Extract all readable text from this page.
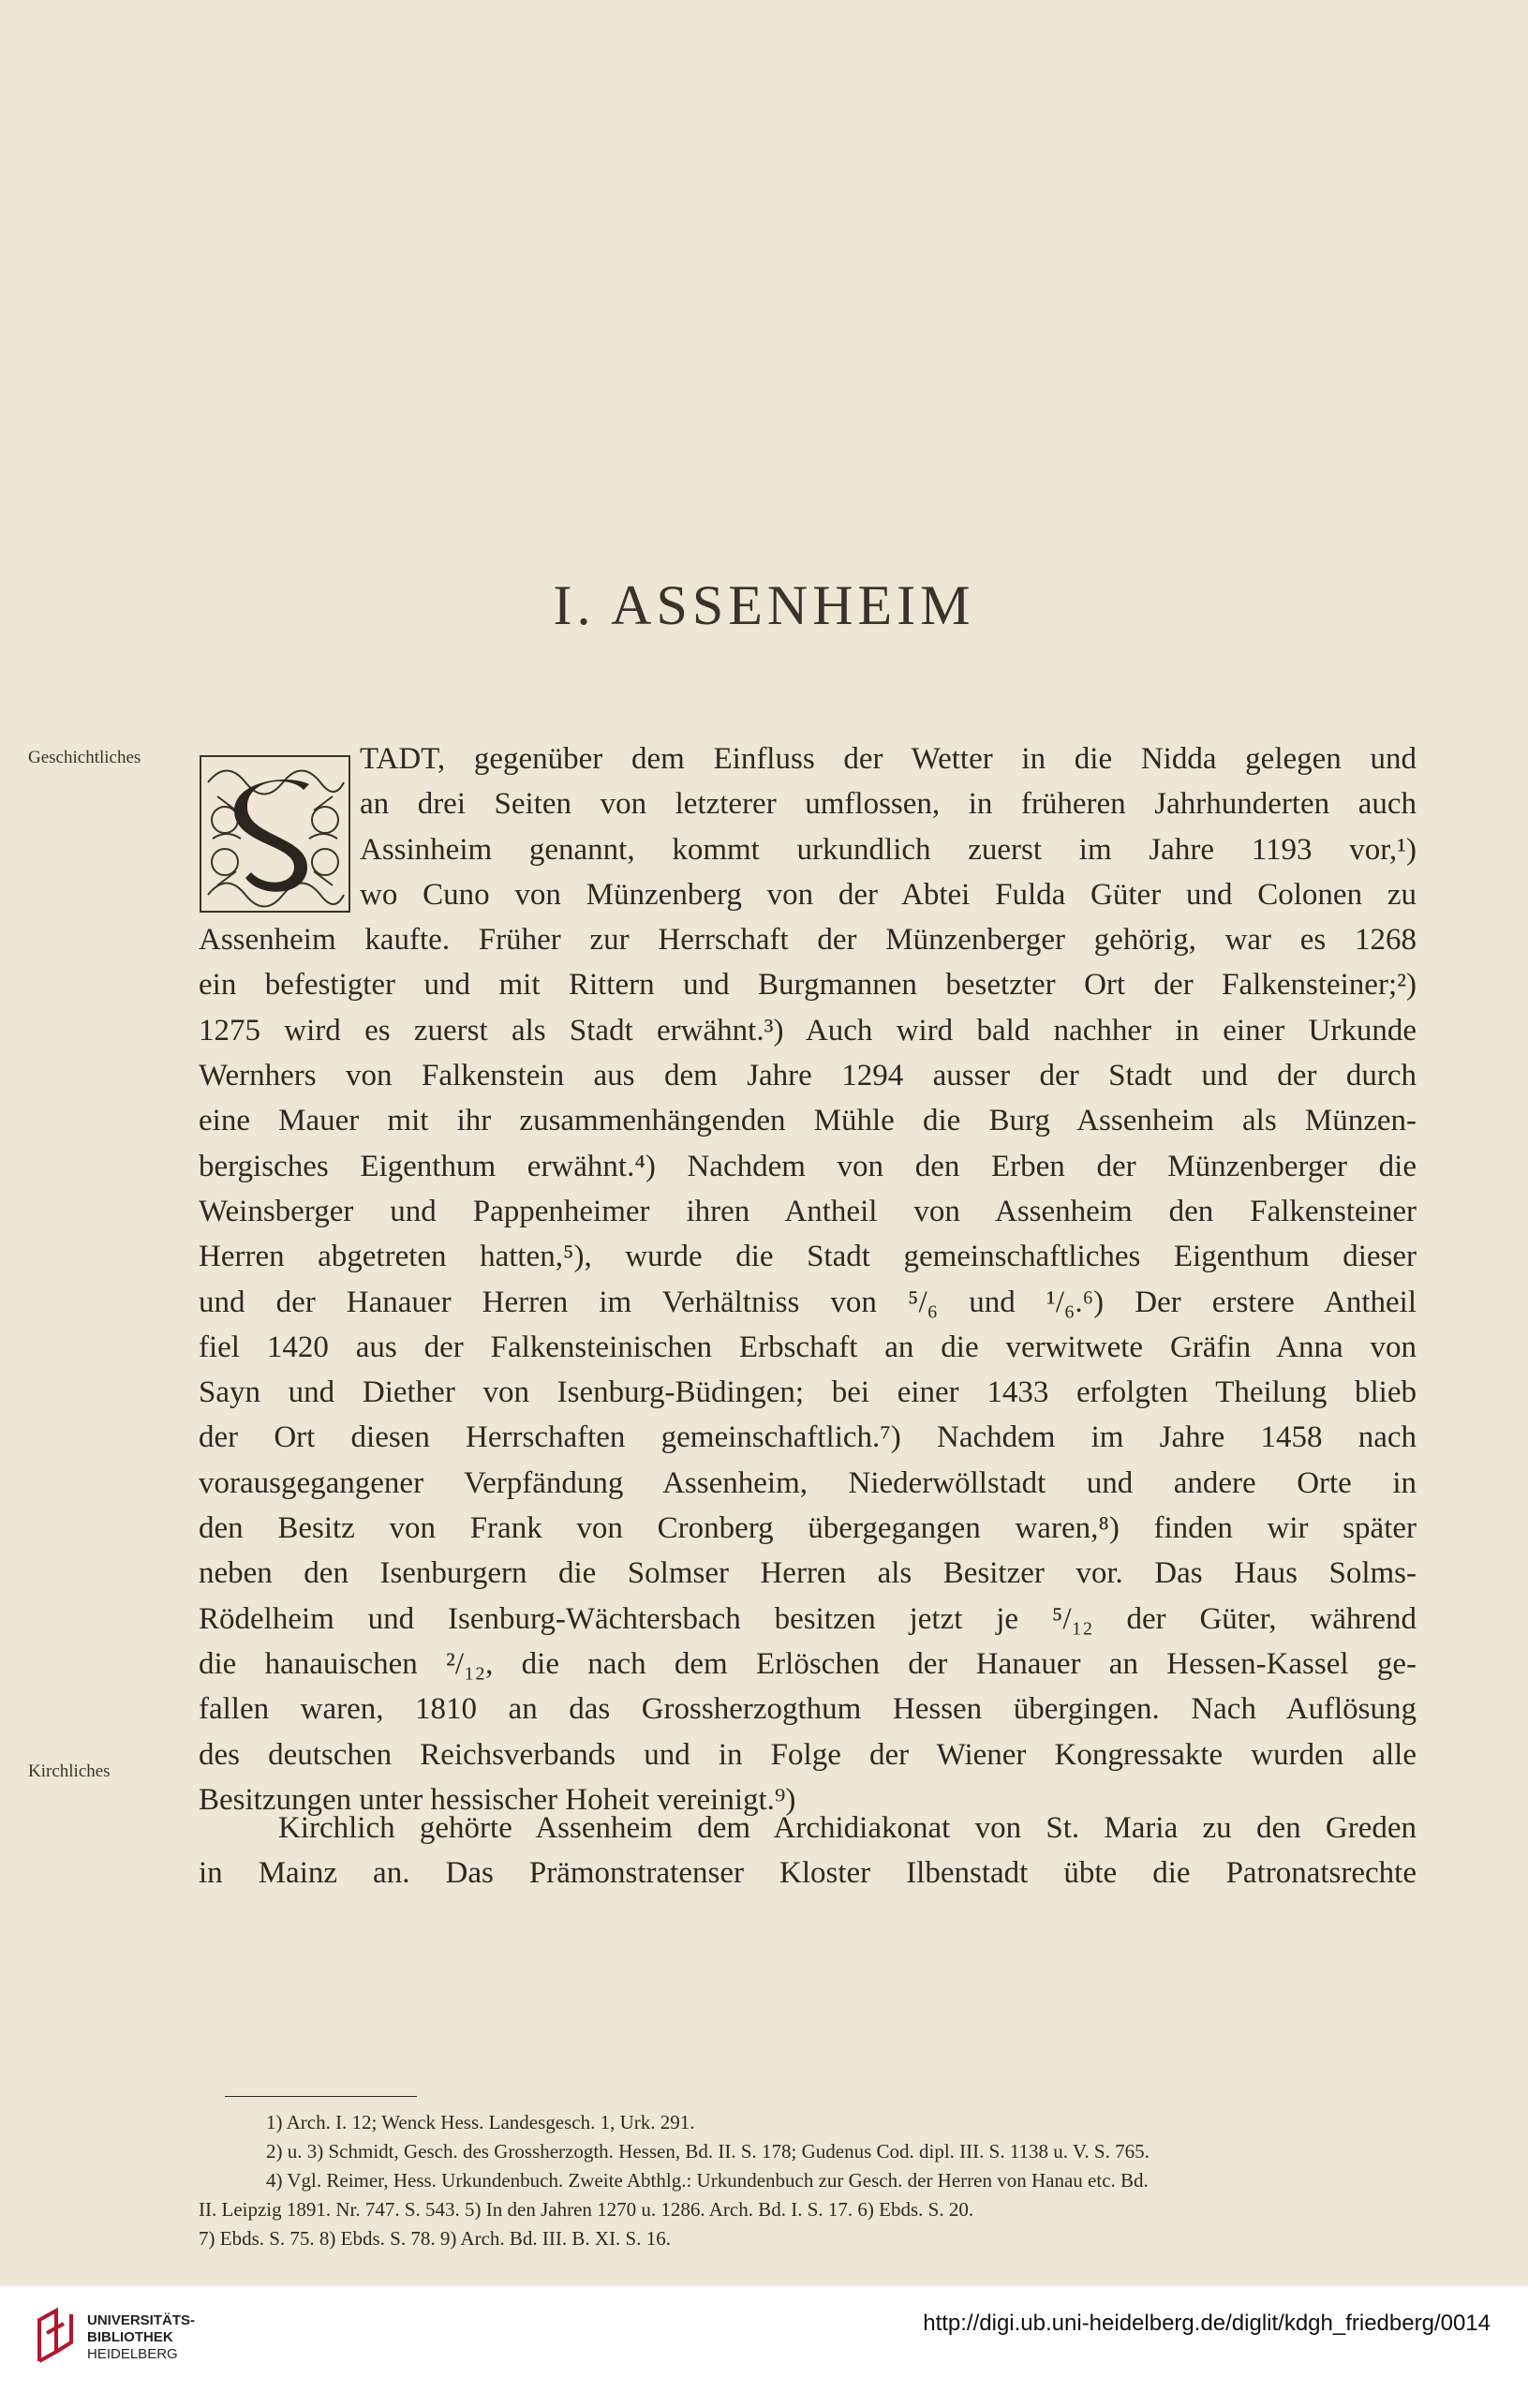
I. ASSENHEIM
Geschichtliches
Kirchliches
TADT, gegenüber dem Einfluss der Wetter in die Nidda gelegen und
an drei Seiten von letzterer umflossen, in früheren Jahrhunderten auch
Assinheim genannt, kommt urkundlich zuerst im Jahre 1193 vor,¹)
wo Cuno von Münzenberg von der Abtei Fulda Güter und Colonen zu
Assenheim kaufte. Früher zur Herrschaft der Münzenberger gehörig, war es 1268
ein befestigter und mit Rittern und Burgmannen besetzter Ort der Falkensteiner;²)
1275 wird es zuerst als Stadt erwähnt.³) Auch wird bald nachher in einer Urkunde
Wernhers von Falkenstein aus dem Jahre 1294 ausser der Stadt und der durch
eine Mauer mit ihr zusammenhängenden Mühle die Burg Assenheim als Münzen-
bergisches Eigenthum erwähnt.⁴) Nachdem von den Erben der Münzenberger die
Weinsberger und Pappenheimer ihren Antheil von Assenheim den Falkensteiner
Herren abgetreten hatten,⁵), wurde die Stadt gemeinschaftliches Eigenthum dieser
und der Hanauer Herren im Verhältniss von ⁵/₆ und ¹/₆.⁶) Der erstere Antheil
fiel 1420 aus der Falkensteinischen Erbschaft an die verwitwete Gräfin Anna von
Sayn und Diether von Isenburg-Büdingen; bei einer 1433 erfolgten Theilung blieb
der Ort diesen Herrschaften gemeinschaftlich.⁷) Nachdem im Jahre 1458 nach
vorausgegangener Verpfändung Assenheim, Niederwöllstadt und andere Orte in
den Besitz von Frank von Cronberg übergegangen waren,⁸) finden wir später
neben den Isenburgern die Solmser Herren als Besitzer vor. Das Haus Solms-
Rödelheim und Isenburg-Wächtersbach besitzen jetzt je ⁵/₁₂ der Güter, während
die hanauischen ²/₁₂, die nach dem Erlöschen der Hanauer an Hessen-Kassel ge-
fallen waren, 1810 an das Grossherzogthum Hessen übergingen. Nach Auflösung
des deutschen Reichsverbands und in Folge der Wiener Kongressakte wurden alle
Besitzungen unter hessischer Hoheit vereinigt.⁹)
Kirchlich gehörte Assenheim dem Archidiakonat von St. Maria zu den Greden
in Mainz an. Das Prämonstratenser Kloster Ilbenstadt übte die Patronatsrechte
1) Arch. I. 12; Wenck Hess. Landesgesch. 1, Urk. 291.
2) u. 3) Schmidt, Gesch. des Grossherzogth. Hessen, Bd. II. S. 178; Gudenus Cod. dipl. III. S. 1138 u. V. S. 765.
4) Vgl. Reimer, Hess. Urkundenbuch. Zweite Abthlg.: Urkundenbuch zur Gesch. der Herren von Hanau etc. Bd.
II. Leipzig 1891. Nr. 747. S. 543. 5) In den Jahren 1270 u. 1286. Arch. Bd. I. S. 17. 6) Ebds. S. 20.
7) Ebds. S. 75. 8) Ebds. S. 78. 9) Arch. Bd. III. B. XI. S. 16.
UNIVERSITÄTS-
BIBLIOTHEK
HEIDELBERG
http://digi.ub.uni-heidelberg.de/diglit/kdgh_friedberg/0014
